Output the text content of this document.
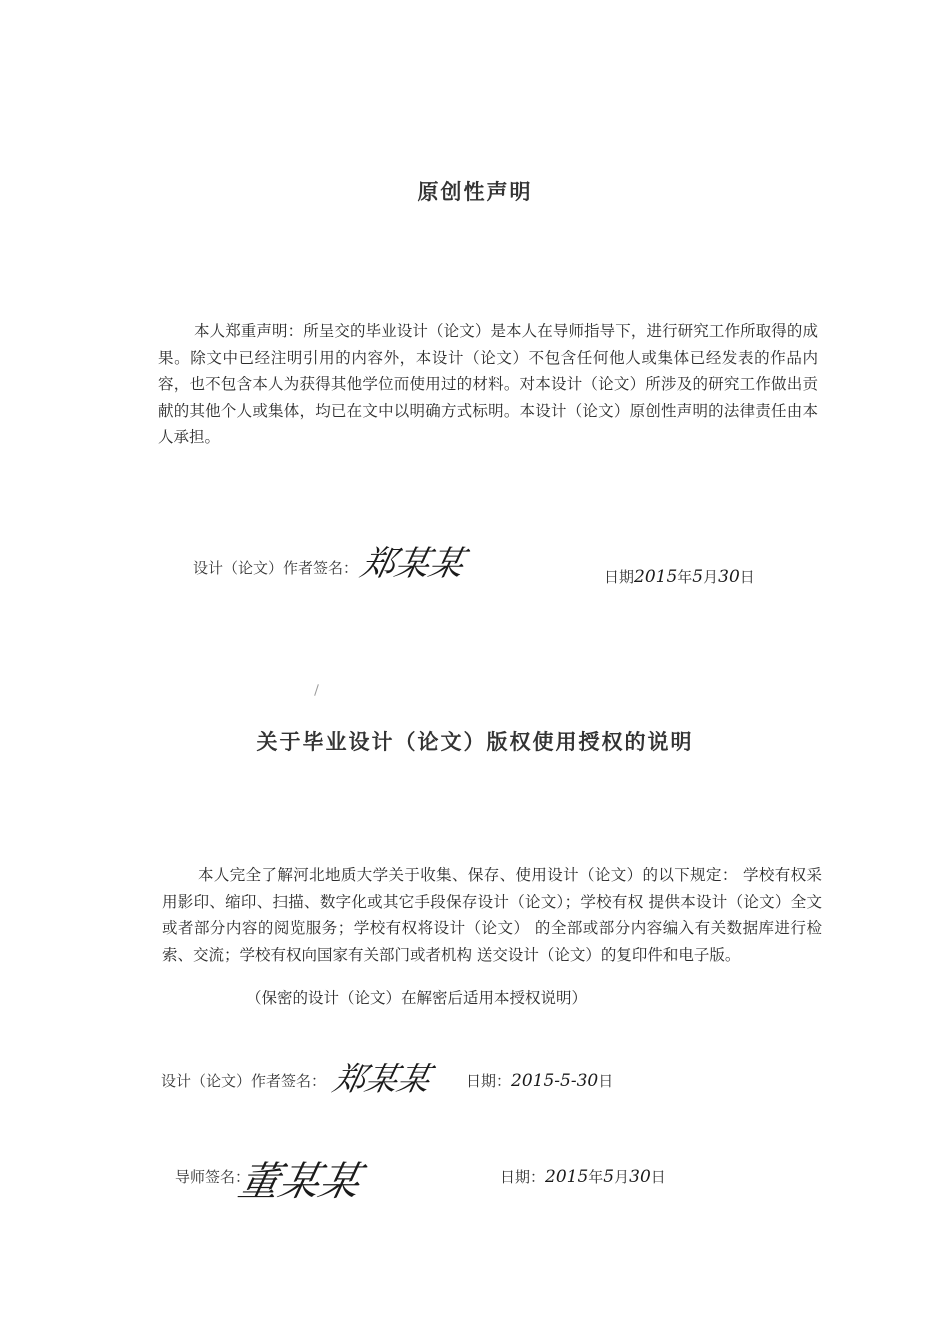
原创性声明
本人郑重声明：所呈交的毕业设计（论文）是本人在导师指导下，进行研究工作所取得的成果。除文中已经注明引用的内容外，本设计（论文）不包含任何他人或集体已经发表的作品内容，也不包含本人为获得其他学位而使用过的材料。对本设计（论文）所涉及的研究工作做出贡献的其他个人或集体，均已在文中以明确方式标明。本设计（论文）原创性声明的法律责任由本人承担。
设计（论文）作者签名：
郑某某	日期2015年5月30日
关于毕业设计（论文）版权使用授权的说明
本人完全了解河北地质大学关于收集、保存、使用设计（论文）的以下规定： 学校有权采用影印、缩印、扫描、数字化或其它手段保存设计（论文）；学校有权 提供本设计（论文）全文或者部分内容的阅览服务；学校有权将设计（论文） 的全部或部分内容编入有关数据库进行检索、交流；学校有权向国家有关部门或者机构 送交设计（论文）的复印件和电子版。
（保密的设计（论文）在解密后适用本授权说明）
设计（论文）作者签名： 郑某某 日期：2015-5-30日
导师签名：
董某某	日期：2015年5月30日
